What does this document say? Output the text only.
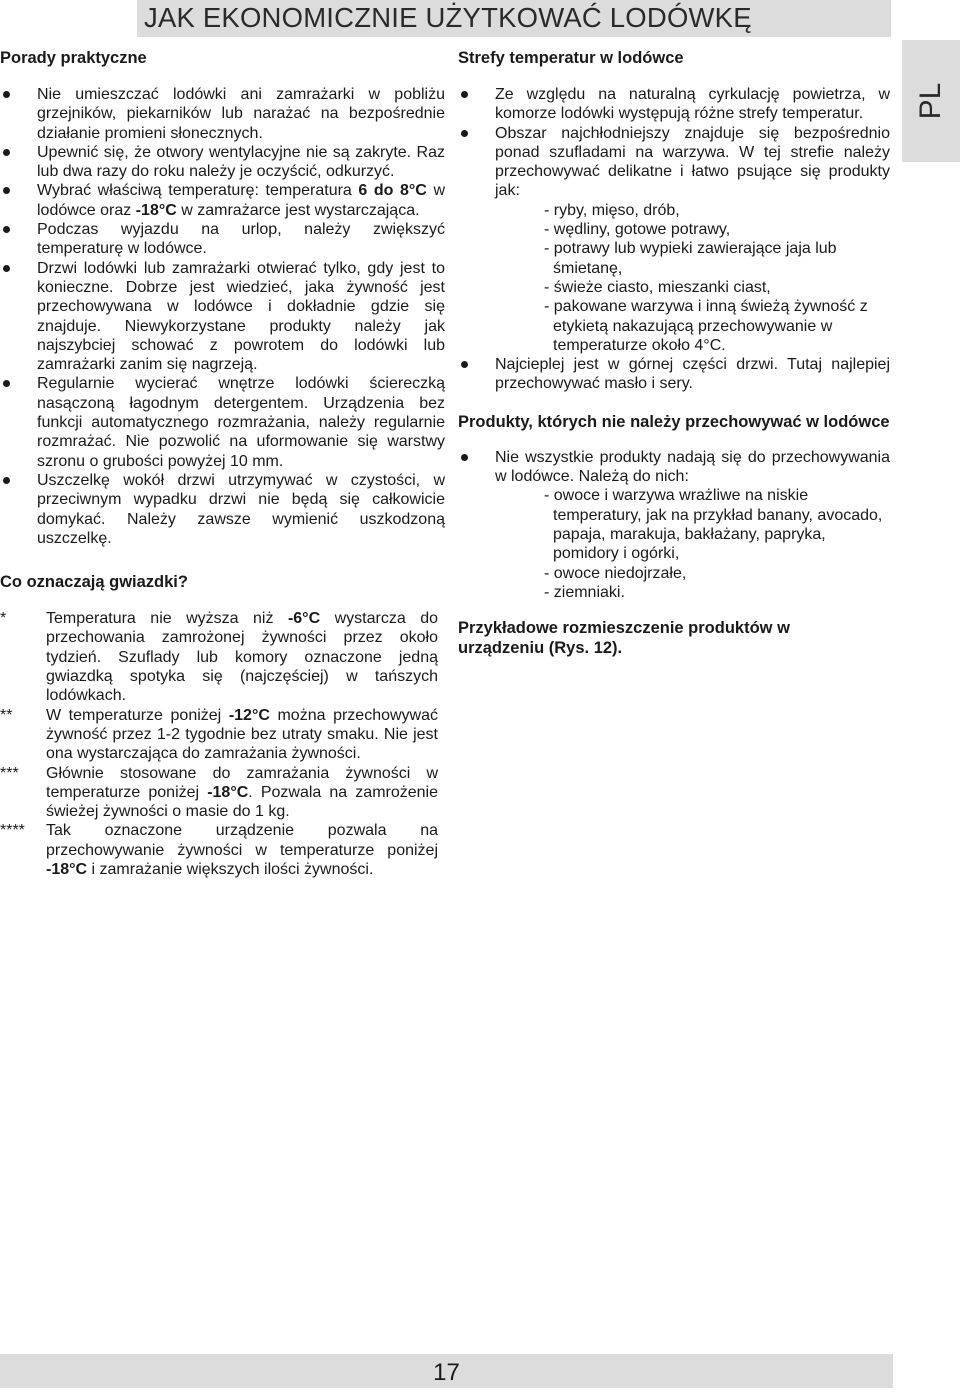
JAK EKONOMICZNIE UŻYTKOWAĆ LODÓWKĘ
PL
Porady praktyczne
Nie umieszczać lodówki ani zamrażarki w pobliżu grzejników, piekarników lub narażać na bezpośrednie działanie promieni słonecznych.
Upewnić się, że otwory wentylacyjne nie są zakryte. Raz lub dwa razy do roku należy je oczyścić, odkurzyć.
Wybrać właściwą temperaturę: temperatura 6 do 8°C w lodówce oraz -18°C w zamrażarce jest wystarczająca.
Podczas wyjazdu na urlop, należy zwiększyć temperaturę w lodówce.
Drzwi lodówki lub zamrażarki otwierać tylko, gdy jest to konieczne. Dobrze jest wiedzieć, jaka żywność jest przechowywana w lodówce i dokładnie gdzie się znajduje. Niewykorzystane produkty należy jak najszybciej schować z powrotem do lodówki lub zamrażarki zanim się nagrzeją.
Regularnie wycierać wnętrze lodówki ściereczką nasączoną łagodnym detergentem. Urządzenia bez funkcji automatycznego rozmrażania, należy regularnie rozmrażać. Nie pozwolić na uformowanie się warstwy szronu o grubości powyżej 10 mm.
Uszczelkę wokół drzwi utrzymywać w czystości, w przeciwnym wypadku drzwi nie będą się całkowicie domykać. Należy zawsze wymienić uszkodzoną uszczelkę.
Co oznaczają gwiazdki?
* Temperatura nie wyższa niż -6°C wystarcza do przechowania zamrożonej żywności przez około tydzień. Szuflady lub komory oznaczone jedną gwiazdką spotyka się (najczęściej) w tańszych lodówkach.
** W temperaturze poniżej -12°C można przechowywać żywność przez 1-2 tygodnie bez utraty smaku. Nie jest ona wystarczająca do zamrażania żywności.
*** Głównie stosowane do zamrażania żywności w temperaturze poniżej -18°C. Pozwala na zamrożenie świeżej żywności o masie do 1 kg.
**** Tak oznaczone urządzenie pozwala na przechowywanie żywności w temperaturze poniżej -18°C i zamrażanie większych ilości żywności.
Strefy temperatur w lodówce
Ze względu na naturalną cyrkulację powietrza, w komorze lodówki występują różne strefy temperatur.
Obszar najchłodniejszy znajduje się bezpośrednio ponad szufladami na warzywa. W tej strefie należy przechowywać delikatne i łatwo psujące się produkty jak:
- ryby, mięso, drób,
- wędliny, gotowe potrawy,
- potrawy lub wypieki zawierające jaja lub śmietanę,
- świeże ciasto, mieszanki ciast,
- pakowane warzywa i inną świeżą żywność z etykietą nakazującą przechowywanie w temperaturze około 4°C.
Najcieplej jest w górnej części drzwi. Tutaj najlepiej przechowywać masło i sery.
Produkty, których nie należy przechowywać w lodówce
Nie wszystkie produkty nadają się do przechowywania w lodówce. Należą do nich:
- owoce i warzywa wrażliwe na niskie temperatury, jak na przykład banany, avocado, papaja, marakuja, bakłażany, papryka, pomidory i ogórki,
- owoce niedojrzałe,
- ziemniaki.
Przykładowe rozmieszczenie produktów w urządzeniu (Rys. 12).
17
